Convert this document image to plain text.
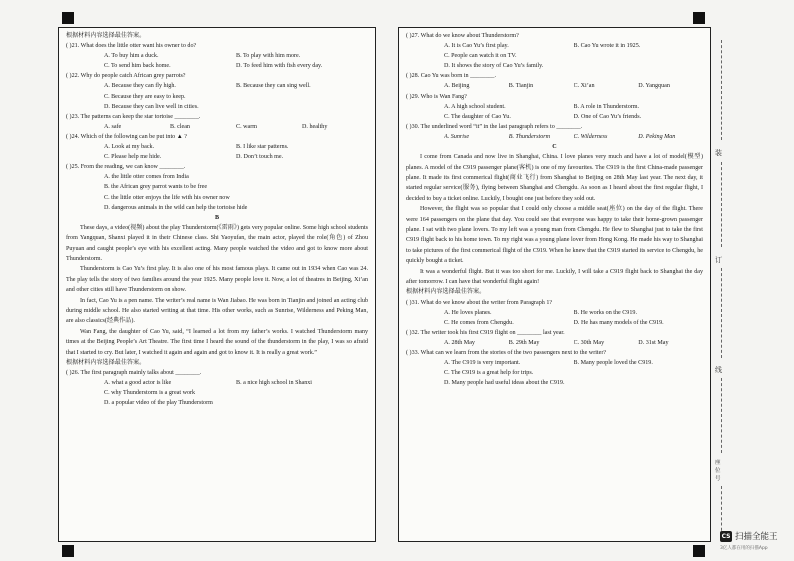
根据材料内容选择最佳答案。
( )21. What does the little otter want his owner to do?
A. To buy him a duck.	B. To play with him more.
C. To send him back home.	D. To feed him with fish every day.
( )22. Why do people catch African grey parrots?
A. Because they can fly high.	B. Because they can sing well.
C. Because they are easy to keep.
D. Because they can live well in cities.
( )23. The patterns can keep the star tortoise ________.
A. safe	B. clean	C. warm	D. healthy
( )24. Which of the following can be put into ▲ ?
A. Look at my back.	B. I like star patterns.
C. Please help me hide.	D. Don’t touch me.
( )25. From the reading, we can know ________.
A. the little otter comes from India
B. the African grey parrot wants to be free
C. the little otter enjoys the life with his owner now
D. dangerous animals in the wild can help the tortoise hide
B

These days, a video(视频) about the play Thunderstorm(《雷雨》) gets very popular online. Some high school students from Yangquan, Shanxi played it in their Chinese class. Shi Yaoyufan, the main actor, played the role(角色) of Zhou Puyuan and caught people’s eye with his excellent acting. Many people watched the video and got to know more about Thunderstorm.

Thunderstorm is Cao Yu’s first play. It is also one of his most famous plays. It came out in 1934 when Cao was 24. The play tells the story of two families around the year 1925. Many people love it. Now, a lot of theatres in Beijing, Xi’an and other cities still have Thunderstorm on show.

In fact, Cao Yu is a pen name. The writer’s real name is Wan Jiabao. He was born in Tianjin and joined an acting club during middle school. He also started writing at that time. His other works, such as Sunrise, Wilderness and Peking Man, are also classics(经典作品).

Wan Fang, the daughter of Cao Yu, said, “I learned a lot from my father’s works. I watched Thunderstorm many times at the Beijing People’s Art Theatre. The first time I heard the sound of the thunderstorm in the play, I was so afraid that I started to cry. But later, I watched it again and again and got to know it. It is really a great work.”

根据材料内容选择最佳答案。
( )26. The first paragraph mainly talks about ________.
A. what a good actor is like	B. a nice high school in Shanxi
C. why Thunderstorm is a great work
D. a popular video of the play Thunderstorm
( )27. What do we know about Thunderstorm?
A. It is Cao Yu’s first play.	B. Cao Yu wrote it in 1925.
C. People can watch it on TV.
D. It shows the story of Cao Yu’s family.
( )28. Cao Yu was born in ________.
A. Beijing	B. Tianjin	C. Xi’an	D. Yangquan
( )29. Who is Wan Fang?
A. A high school student.	B. A role in Thunderstorm.
C. The daughter of Cao Yu.	D. One of Cao Yu’s friends.
( )30. The underlined word “it” in the last paragraph refers to ________.
A. Sunrise	B. Thunderstorm	C. Wilderness	D. Peking Man
C

I come from Canada and now live in Shanghai, China. I love planes very much and have a lot of model(模型) planes. A model of the C919 passenger plane(客机) is one of my favourites. The C919 is the first China-made passenger plane. It made its first commerical flight(商业飞行) from Shanghai to Beijing on 28th May last year. The next day, it started regular service(服务), flying between Shanghai and Chengdu. As soon as I heard about the first regular flight, I decided to buy a ticket online. Luckily, I bought one just before they sold out.

However, the flight was so popular that I could only choose a middle seat(座位) on the day of the flight. There were 164 passengers on the plane that day. You could see that everyone was happy to take their home-grown passenger plane. I sat with two plane lovers. To my left was a young man from Chengdu. He flew to Shanghai just to take the first C919 flight back to his home town. To my right was a young plane lover from Hong Kong. He made his way to Shanghai to take pictures of the first commerical flight of the C919. When he knew that the C919 started its service to Chengdu, he quickly bought a ticket.

It was a wonderful flight. But it was too short for me. Luckily, I will take a C919 flight back to Shanghai the day after tomorrow. I can have that wonderful flight again!

根据材料内容选择最佳答案。
( )31. What do we know about the writer from Paragraph 1?
A. He loves planes.	B. He works on the C919.
C. He comes from Chengdu.	D. He has many models of the C919.
( )32. The writer took his first C919 flight on ________ last year.
A. 28th May	B. 29th May	C. 30th May	D. 31st May
( )33. What can we learn from the stories of the two passengers next to the writer?
A. The C919 is very important.	B. Many people loved the C919.
C. The C919 is a great help for trips.
D. Many people had useful ideas about the C919.
装
订
线
座
位
号
CS 扫描全能王
3亿人都在用的扫描App
